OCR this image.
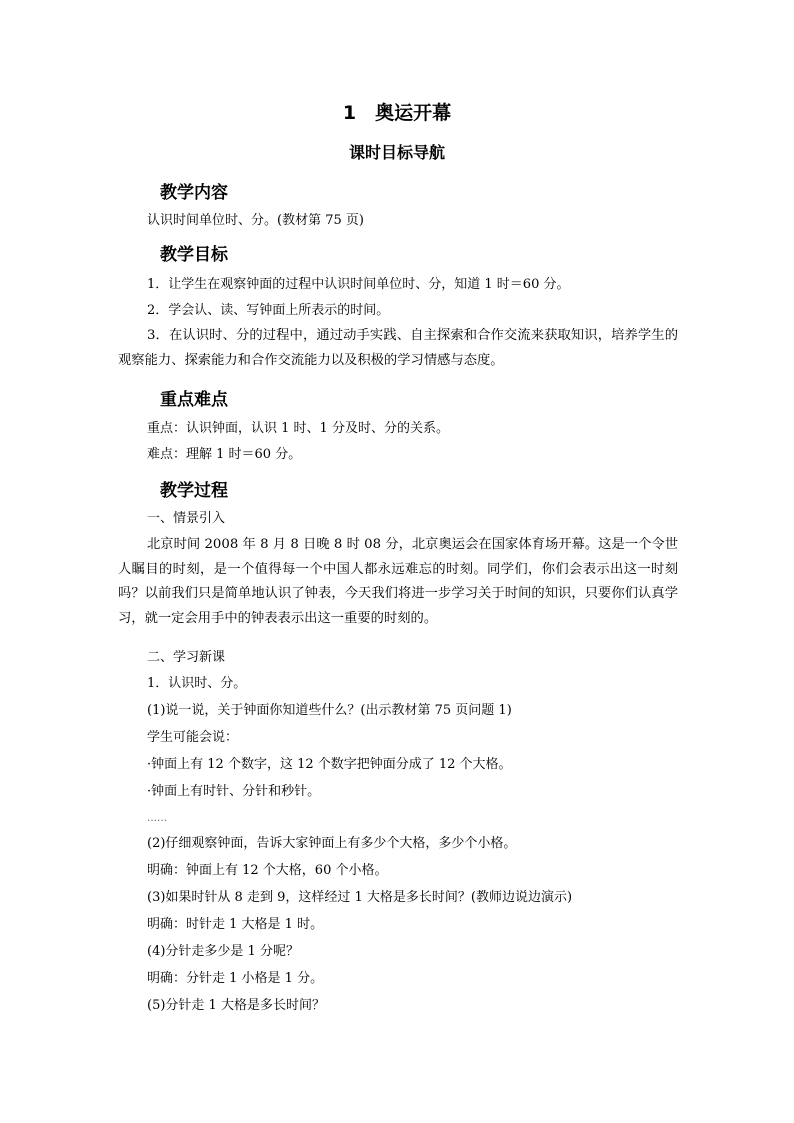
1　奥运开幕
课时目标导航
教学内容
认识时间单位时、分。(教材第 75 页)
教学目标
1．让学生在观察钟面的过程中认识时间单位时、分，知道 1 时＝60 分。
2．学会认、读、写钟面上所表示的时间。
3．在认识时、分的过程中，通过动手实践、自主探索和合作交流来获取知识，培养学生的观察能力、探索能力和合作交流能力以及积极的学习情感与态度。
重点难点
重点：认识钟面，认识 1 时、1 分及时、分的关系。
难点：理解 1 时＝60 分。
教学过程
一、情景引入
北京时间 2008 年 8 月 8 日晚 8 时 08 分，北京奥运会在国家体育场开幕。这是一个令世人瞩目的时刻，是一个值得每一个中国人都永远难忘的时刻。同学们，你们会表示出这一时刻吗？以前我们只是简单地认识了钟表，今天我们将进一步学习关于时间的知识，只要你们认真学习，就一定会用手中的钟表表示出这一重要的时刻的。
二、学习新课
1．认识时、分。
(1)说一说，关于钟面你知道些什么？(出示教材第 75 页问题 1)
学生可能会说：
·钟面上有 12 个数字，这 12 个数字把钟面分成了 12 个大格。
·钟面上有时针、分针和秒针。
……
(2)仔细观察钟面，告诉大家钟面上有多少个大格，多少个小格。
明确：钟面上有 12 个大格，60 个小格。
(3)如果时针从 8 走到 9，这样经过 1 大格是多长时间？(教师边说边演示)
明确：时针走 1 大格是 1 时。
(4)分针走多少是 1 分呢？
明确：分针走 1 小格是 1 分。
(5)分针走 1 大格是多长时间？
